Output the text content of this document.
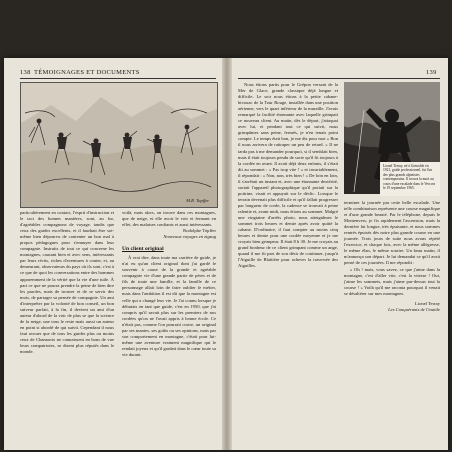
138 TÉMOIGNAGES ET DOCUMENTS
M.R. Tapffer

particulièrement en contact, l'esprit d'instruction et le tact des bonnes manières, sont, au fur, d'agréables compagnons de voyage, tandis que ceux des guides excellents, et il faudrait être sot-même bien dépourvu de contenter un bon mal à propos pédagogues pour s'ennuyer dans leur compagnie. Instruits de tout ce qui concerne les montagnes, causant bien et avec sens, intéressants par leurs récits, riches d'aventures à conter, et, au demeurant, observateurs du pays où ils sont, c'est à ce que de quoi les conversations entre des hommes apparemment de la vérité que la vie d'une tuile. À part ce que ne pourra prendre la peine de bien dire les paroles, mais de trouver et de se servir des mots, de partager sa pensée de compagnie. Un ami d'interpréter par la volonté de bon conseil, un bon suiveur parfait, à la fin, il devient un ami d'un auteur d'abord de la voir de plus se que la science de la neige, une tous le reste mais aussi un auteur en point si abordé de qui suivit. Cependant il nous faut avouer que de tous les guides plus ou moins ceux de Chamonix ne connaissent en bons de vue leurs compatriotes, se disent plus réputés dans le monde.

voilà, mais alors, on trouve dans ces montagnes, que de neige, et elle avoir le voir et fermant en effet, des malaises confiants et aussi intéressants.

Rodolphe Töpffer
Nouveaux voyages en zigzag
Un client original

À vrai dire, dans toute ma carrière de guide, je n'ai eu qu'un client original dont j'ai gardé le souvenir à cause de la grande et agréable compagnie vie d'une grande partie de pères et de fils de toute une famille, et la famille de ce personnage allait loin de faire oublier le métier, mais dans l'ambition il est dit que la montagne est celle qui a changé leur vie. Je l'ai connu lorsque je débutais en tant que guide, c'est en 1950, que j'ai compris qu'il savait plus sur les premiers de nos cordées qu'on ne l'avait appris à bonne école. Ce n'était pas, comme l'on pourrait croire, un original par ses manies, ses goûts ou ses opinions, mais par son comportement en montagne, c'était pour lui-même une aventure vraiment magnifique qui le rendait joyeux et qu'il gardait dans le cœur toute sa vie durant.

139
Lionel Terray, né à Grenoble en 1921, guide professionnel, fut l'un des plus grands alpinistes contemporains. Il trouva la mort au cours d'une escalade dans le Vercors le 19 septembre 1965.

Nous étions partis pour le Grépon versant de la Mer de Glace, grande classique déjà longue et difficile. Le soir nous étions à la petite cabane-bivouac de la Tour Rouge, installée dans une position aérienne, vers le quart inférieur de la muraille. J'avais remarqué la facilité étonnante avec laquelle grimpait ce nouveau client. Au matin, dès le départ, j'attaquai avec lui, et pendant tout ce qui suivit, nous grimpâmes sans peine, fermés, je n'en tenais point compte. Le temps était bon, je me dis pour moi « Bon il nous arrivera de rattraper un peu de retard. » Il ne tarda pas à me demander pourquoi, si il semblait bien, mais il était toujours pendu de sorte qu'il fit toujours à la cordée en avant. Il avait déjà deux enfants, il s'était dit au sommet : « Pas trop vite ! » et invariablement, il répondait : « Non, non, très bien ! » De loin en loin, il s'arrêtait un instant et, avec une étonnante dextérité, sortait l'appareil photographique qu'il portait sur la poitrine, visait et appuyait sur le déclic. Lorsque le terrain devenait plus difficile et qu'il fallait progresser par longueur de corde, la cadence se trouvait à peine ralentie et, avant midi, nous étions au sommet. Malgré une vingtaine d'arrêts photo, nous atteignîmes le sommet trois heures et demie après avoir quitté la cabane. D'ordinaire, il faut compter au moins cinq heures et demie pour une cordée moyenne et je me croyais bien grimpeur. Il était 8 h 30. Je me croyais au grand bonheur de ce client grimpant comme un ange, quand il me fit part de son désir de continuer, jusqu'à l'Aiguille de Blaitière pour achever la traversée des Aiguilles.

terminer la journée par cette belle escalade. Une telle combinaison représente une course magnifique et d'une grande beauté. Par le téléphone, depuis le Montenvers, je fis rapidement l'ascension, mais la dernière fut longue, très épuisante, et nous sommes rentrés épuisés dès notre plus grande course en une journée. Trois jours de suite nous avons répété l'exercice, et chaque fois, avec la même allégresse, le même élan, le même sourire. Un beau matin, il m'annonça son départ. Je lui demandai ce qu'il avait pensé de ces journées. Il me répondit :

« Oh ! mais, vous savez, ce que j'aime dans la montagne, c'est d'aller vite, c'est la vitesse ! Oui, j'aime les sommets, mais j'aime par-dessus tout la course ! » Voilà qu'il me raconta pourquoi il venait se désaltérer sur mes montagnes.

Lionel Terray
Les Conquérants de l'inutile
